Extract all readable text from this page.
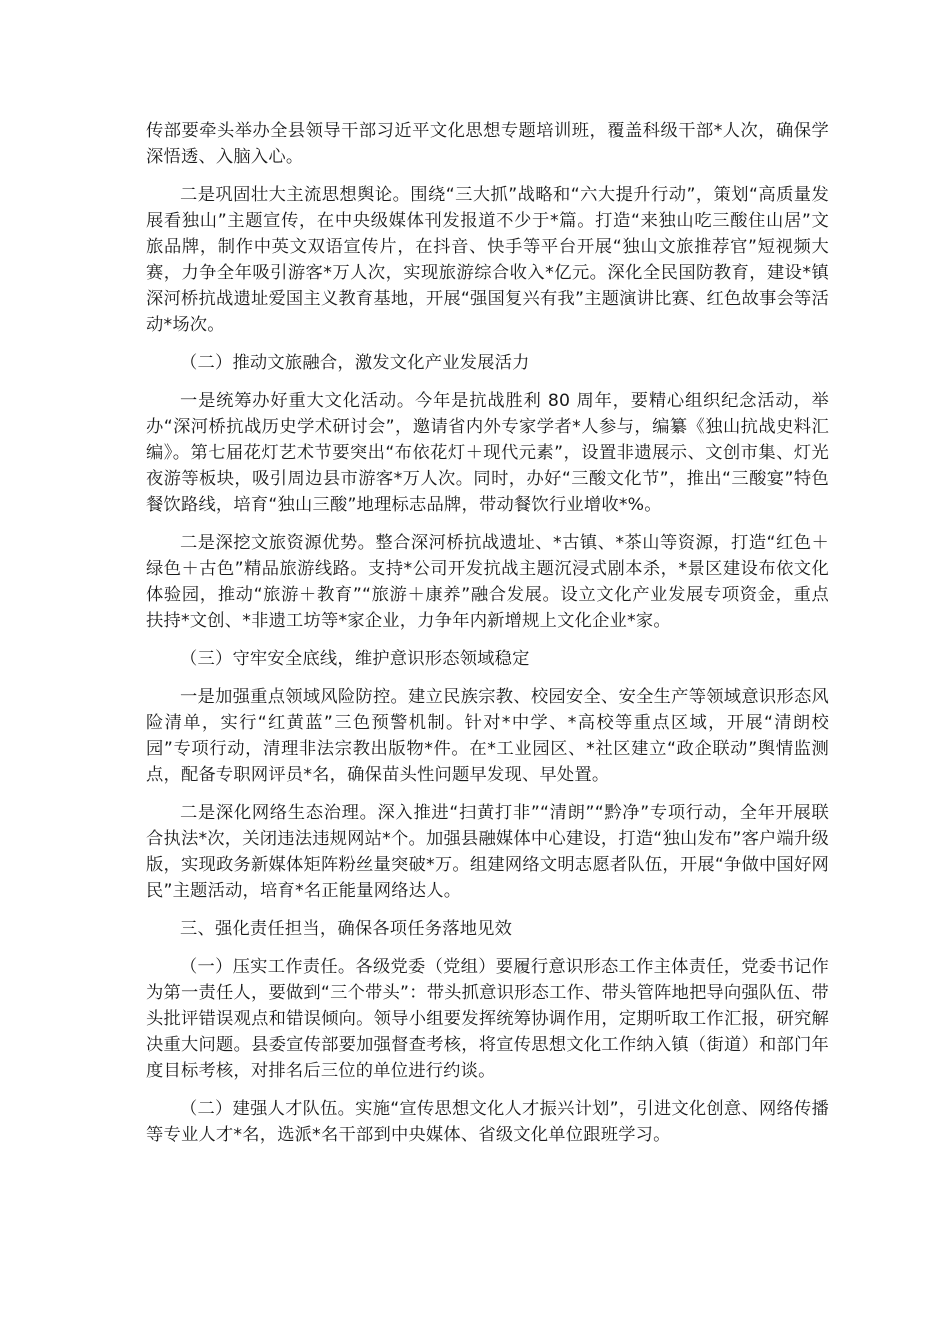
传部要牵头举办全县领导干部习近平文化思想专题培训班，覆盖科级干部*人次，确保学深悟透、入脑入心。

二是巩固壮大主流思想舆论。围绕“三大抓”战略和“六大提升行动”，策划“高质量发展看独山”主题宣传，在中央级媒体刊发报道不少于*篇。打造“来独山吃三酸住山居”文旅品牌，制作中英文双语宣传片，在抖音、快手等平台开展“独山文旅推荐官”短视频大赛，力争全年吸引游客*万人次，实现旅游综合收入*亿元。深化全民国防教育，建设*镇深河桥抗战遗址爱国主义教育基地，开展“强国复兴有我”主题演讲比赛、红色故事会等活动*场次。

（二）推动文旅融合，激发文化产业发展活力

一是统筹办好重大文化活动。今年是抗战胜利 80 周年，要精心组织纪念活动，举办“深河桥抗战历史学术研讨会”，邀请省内外专家学者*人参与，编纂《独山抗战史料汇编》。第七届花灯艺术节要突出“布依花灯＋现代元素”，设置非遗展示、文创市集、灯光夜游等板块，吸引周边县市游客*万人次。同时，办好“三酸文化节”，推出“三酸宴”特色餐饮路线，培育“独山三酸”地理标志品牌，带动餐饮行业增收*%。

二是深挖文旅资源优势。整合深河桥抗战遗址、*古镇、*茶山等资源，打造“红色＋绿色＋古色”精品旅游线路。支持*公司开发抗战主题沉浸式剧本杀，*景区建设布依文化体验园，推动“旅游＋教育”“旅游＋康养”融合发展。设立文化产业发展专项资金，重点扶持*文创、*非遗工坊等*家企业，力争年内新增规上文化企业*家。

（三）守牢安全底线，维护意识形态领域稳定

一是加强重点领域风险防控。建立民族宗教、校园安全、安全生产等领域意识形态风险清单，实行“红黄蓝”三色预警机制。针对*中学、*高校等重点区域，开展“清朗校园”专项行动，清理非法宗教出版物*件。在*工业园区、*社区建立“政企联动”舆情监测点，配备专职网评员*名，确保苗头性问题早发现、早处置。

二是深化网络生态治理。深入推进“扫黄打非”“清朗”“黔净”专项行动，全年开展联合执法*次，关闭违法违规网站*个。加强县融媒体中心建设，打造“独山发布”客户端升级版，实现政务新媒体矩阵粉丝量突破*万。组建网络文明志愿者队伍，开展“争做中国好网民”主题活动，培育*名正能量网络达人。

三、强化责任担当，确保各项任务落地见效

（一）压实工作责任。各级党委（党组）要履行意识形态工作主体责任，党委书记作为第一责任人，要做到“三个带头”：带头抓意识形态工作、带头管阵地把导向强队伍、带头批评错误观点和错误倾向。领导小组要发挥统筹协调作用，定期听取工作汇报，研究解决重大问题。县委宣传部要加强督查考核，将宣传思想文化工作纳入镇（街道）和部门年度目标考核，对排名后三位的单位进行约谈。

（二）建强人才队伍。实施“宣传思想文化人才振兴计划”，引进文化创意、网络传播等专业人才*名，选派*名干部到中央媒体、省级文化单位跟班学习。
